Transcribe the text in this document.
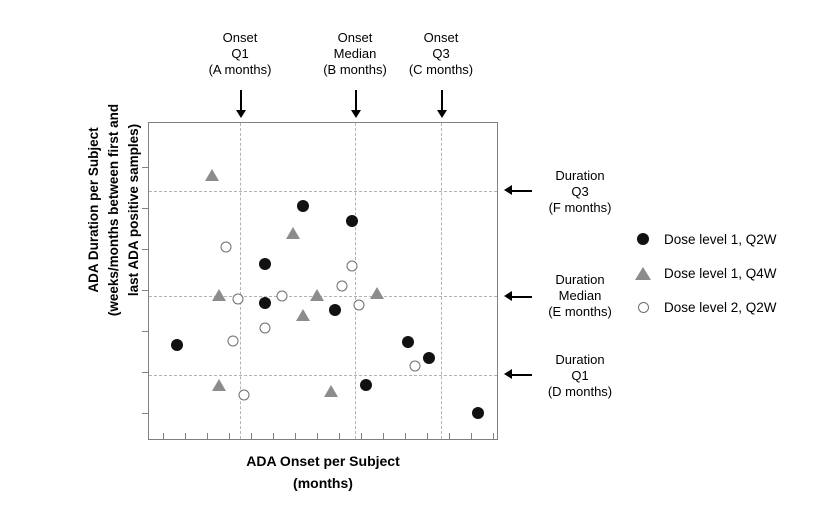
Onset
Q1
(A months)
Onset
Median
(B months)
Onset
Q3
(C months)
Duration
Q3
(F months)
Duration
Median
(E months)
Duration
Q1
(D months)
ADA Onset per Subject
(months)
ADA Duration per Subject (weeks/months between first and last ADA positive samples)	Dose level 1, Q2W
Dose level 1, Q4W
Dose level 2, Q2W
